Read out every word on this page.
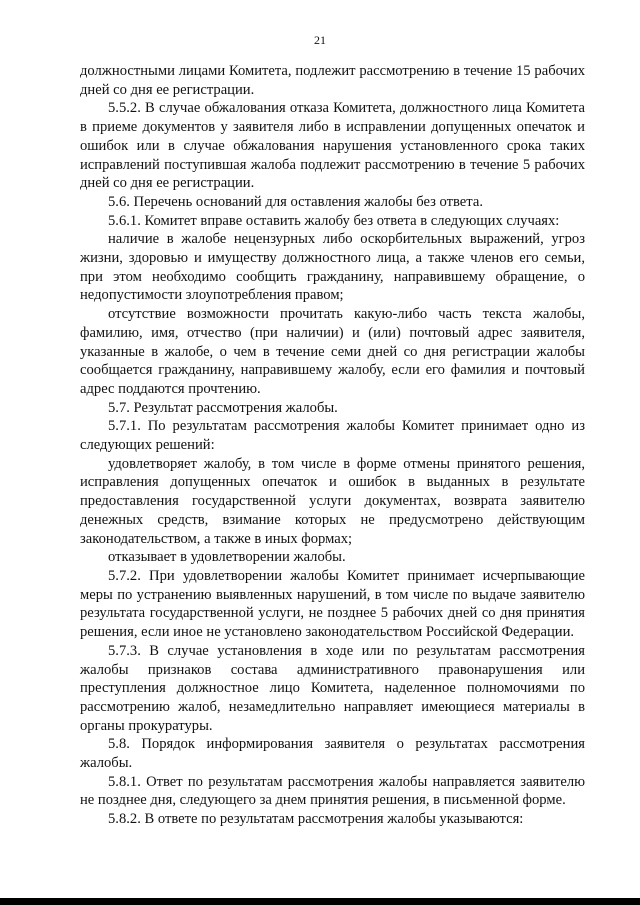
21

должностными лицами Комитета, подлежит рассмотрению в течение 15 рабочих дней со дня ее регистрации.

5.5.2. В случае обжалования отказа Комитета, должностного лица Комитета в приеме документов у заявителя либо в исправлении допущенных опечаток и ошибок или в случае обжалования нарушения установленного срока таких исправлений поступившая жалоба подлежит рассмотрению в течение 5 рабочих дней со дня ее регистрации.

5.6. Перечень оснований для оставления жалобы без ответа.

5.6.1. Комитет вправе оставить жалобу без ответа в следующих случаях:

наличие в жалобе нецензурных либо оскорбительных выражений, угроз жизни, здоровью и имуществу должностного лица, а также членов его семьи, при этом необходимо сообщить гражданину, направившему обращение, о недопустимости злоупотребления правом;

отсутствие возможности прочитать какую-либо часть текста жалобы, фамилию, имя, отчество (при наличии) и (или) почтовый адрес заявителя, указанные в жалобе, о чем в течение семи дней со дня регистрации жалобы сообщается гражданину, направившему жалобу, если его фамилия и почтовый адрес поддаются прочтению.

5.7. Результат рассмотрения жалобы.

5.7.1. По результатам рассмотрения жалобы Комитет принимает одно из следующих решений:

удовлетворяет жалобу, в том числе в форме отмены принятого решения, исправления допущенных опечаток и ошибок в выданных в результате предоставления государственной услуги документах, возврата заявителю денежных средств, взимание которых не предусмотрено действующим законодательством, а также в иных формах;

отказывает в удовлетворении жалобы.

5.7.2. При удовлетворении жалобы Комитет принимает исчерпывающие меры по устранению выявленных нарушений, в том числе по выдаче заявителю результата государственной услуги, не позднее 5 рабочих дней со дня принятия решения, если иное не установлено законодательством Российской Федерации.

5.7.3. В случае установления в ходе или по результатам рассмотрения жалобы признаков состава административного правонарушения или преступления должностное лицо Комитета, наделенное полномочиями по рассмотрению жалоб, незамедлительно направляет имеющиеся материалы в органы прокуратуры.

5.8. Порядок информирования заявителя о результатах рассмотрения жалобы.

5.8.1. Ответ по результатам рассмотрения жалобы направляется заявителю не позднее дня, следующего за днем принятия решения, в письменной форме.

5.8.2. В ответе по результатам рассмотрения жалобы указываются:
